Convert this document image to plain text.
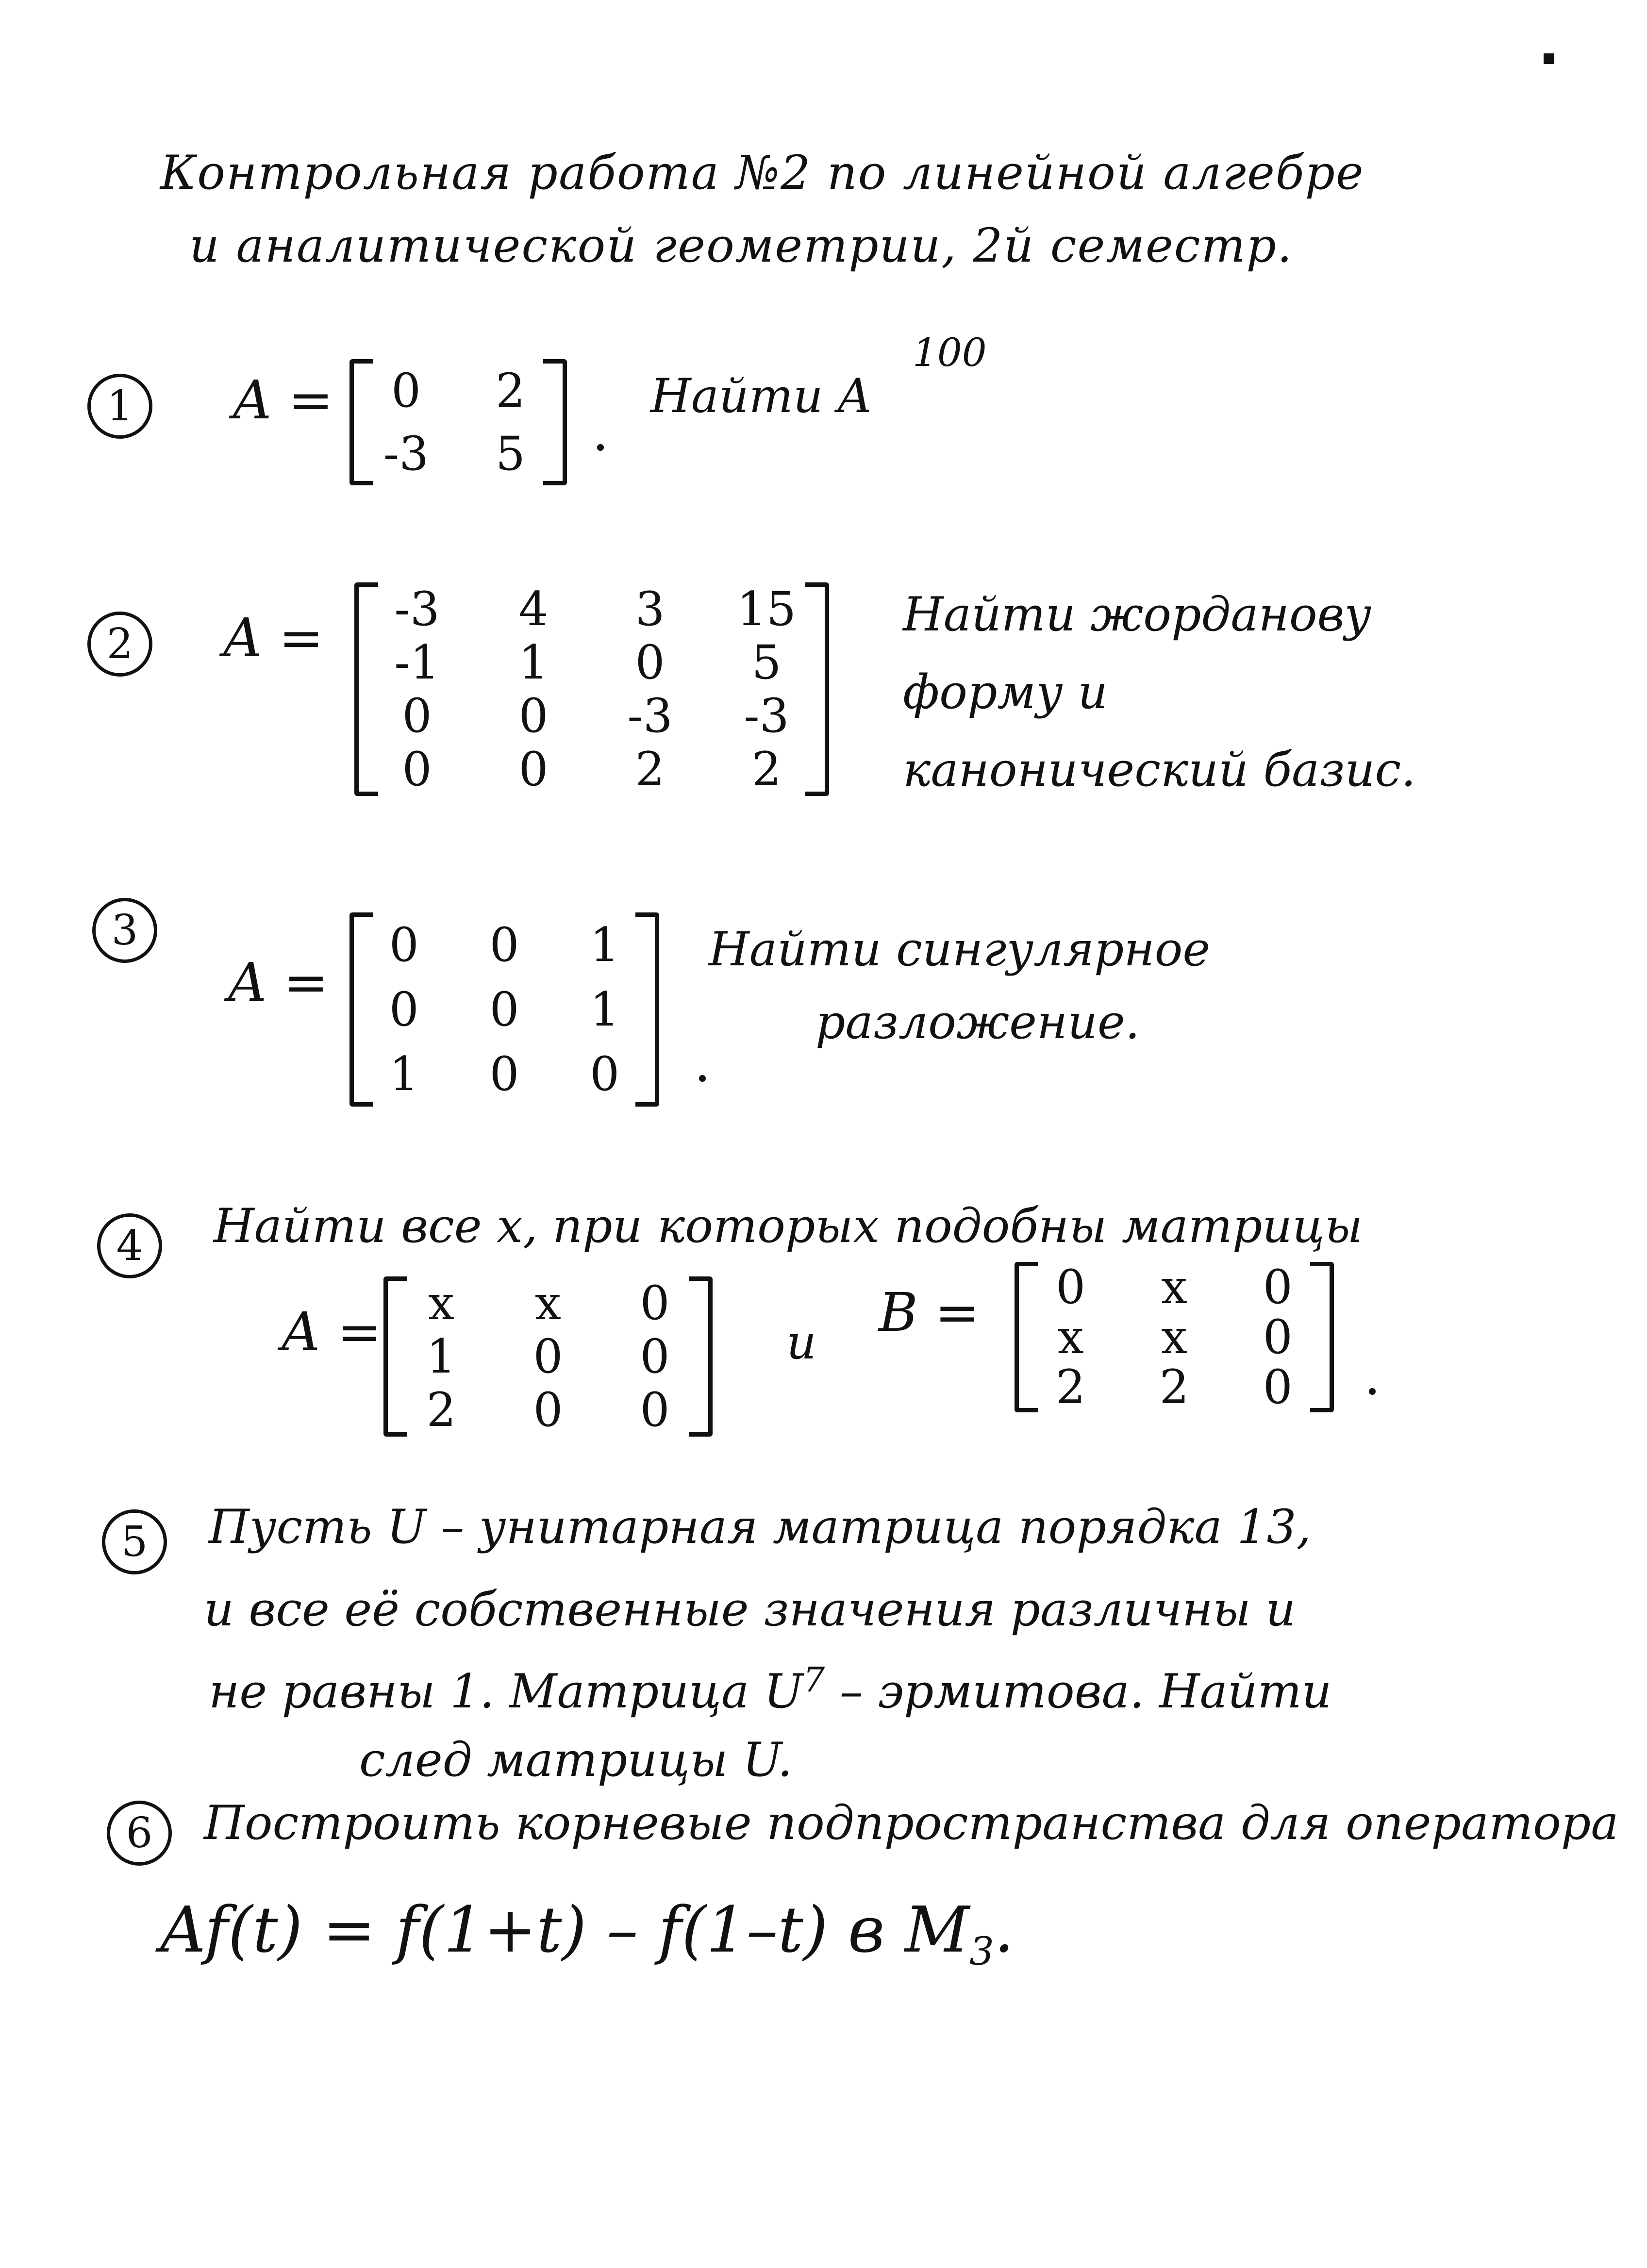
Контрольная работа №2 по линейной алгебре
и аналитической геометрии, 2й семестр.
1	A = 0 2
-3 5
Найти A
100
2	A = -3 4 3 15
-1 1 0 5
0 0 -3 -3
0 0 2 2
Найти жорданову
форму и
канонический базис.
3
A =
0 0 1
0 0 1
1 0 0
Найти сингулярное
разложение.
4	Найти все x, при которых подобны матрицы
A = x x 0
1 0 0
2 0 0
и B = 0 x 0
x x 0
2 2 0
5	Пусть U – унитарная матрица порядка 13,
и все её собственные значения различны и
не равны 1. Матрица $U^7$ – эрмитова. Найти
след матрицы U.
6	Построить корневые подпространства для оператора
Af(t) = f(1+t) – f(1–t) в $M_3$.
